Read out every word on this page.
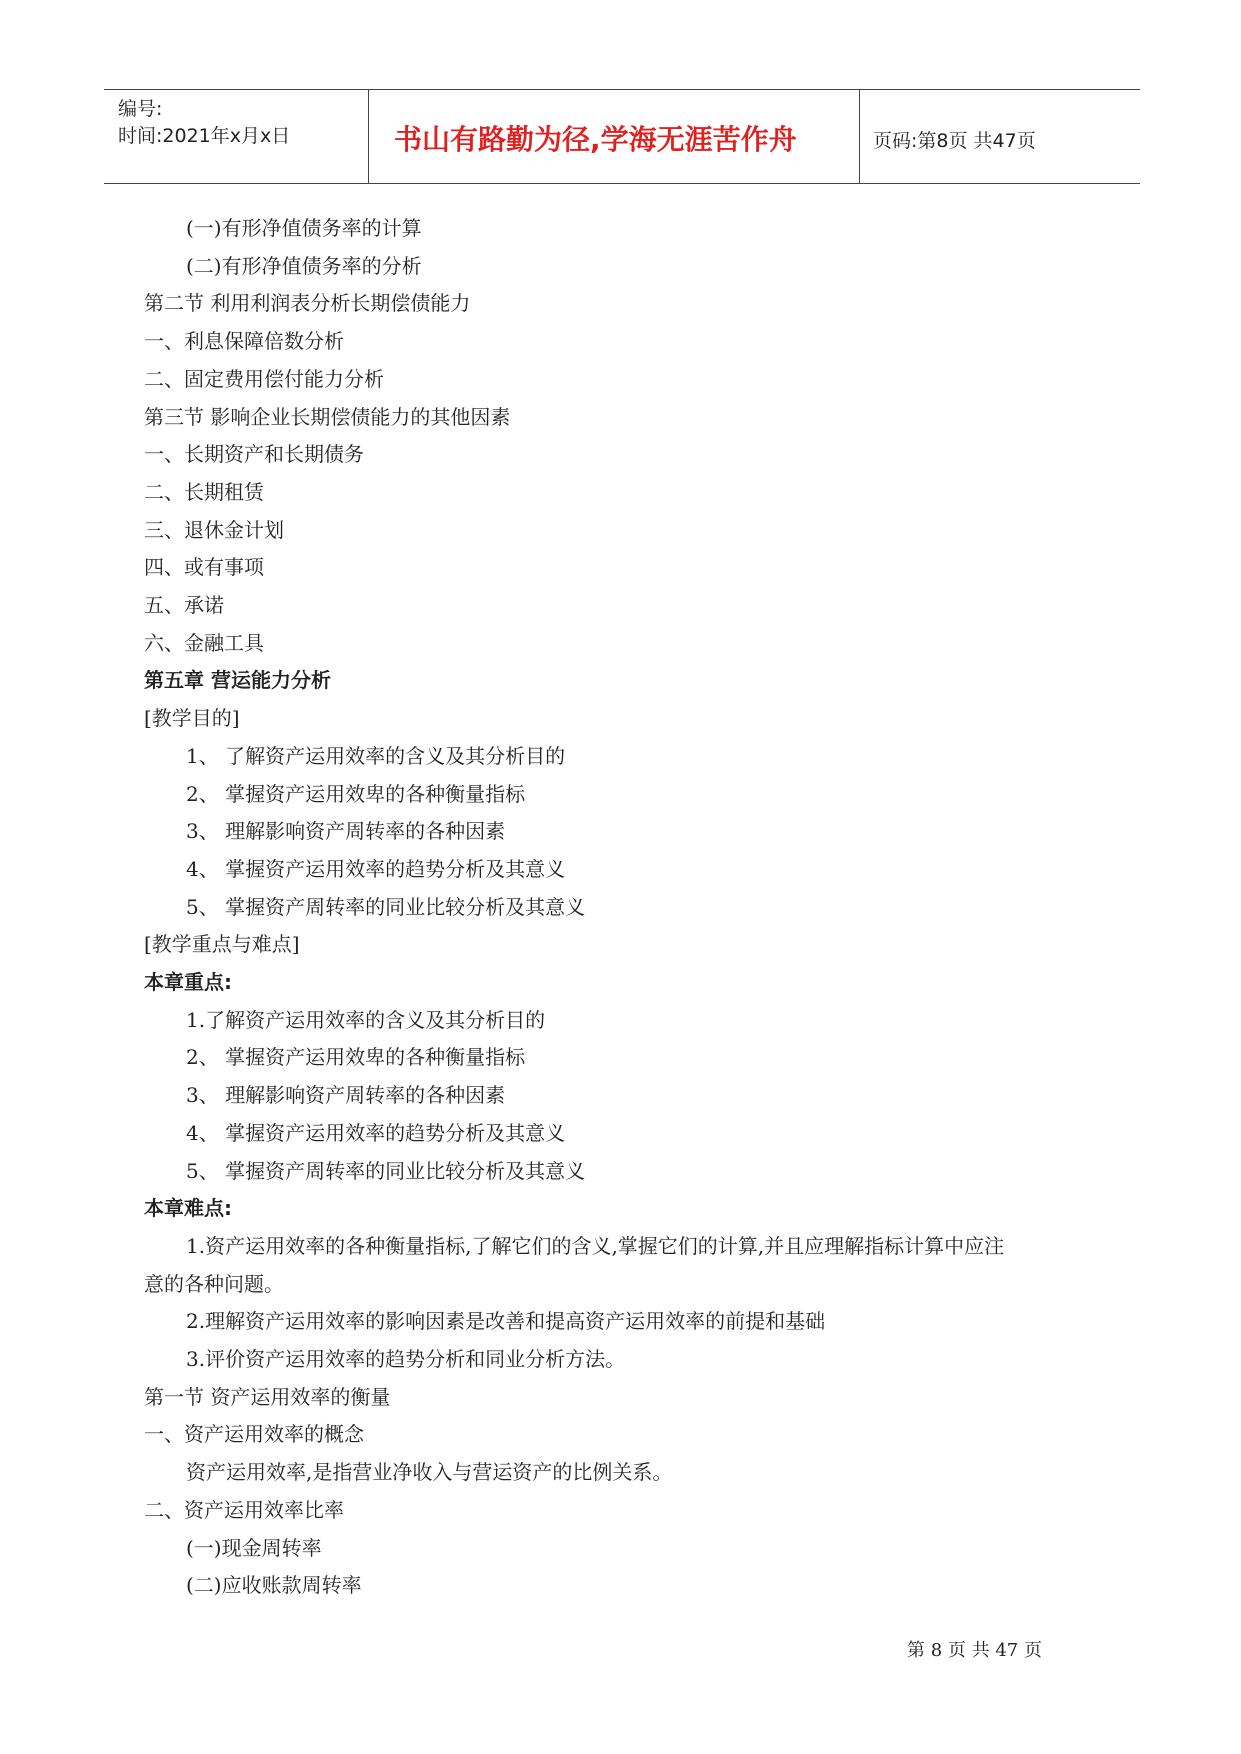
编号:
时间:2021年x月x日	书山有路勤为径,学海无涯苦作舟	页码:第8页 共47页
(一)有形净值债务率的计算
(二)有形净值债务率的分析
第二节 利用利润表分析长期偿债能力
一、利息保障倍数分析
二、固定费用偿付能力分析
第三节 影响企业长期偿债能力的其他因素
一、长期资产和长期债务
二、长期租赁
三、退休金计划
四、或有事项
五、承诺
六、金融工具
第五章 营运能力分析
[教学目的]
1、 了解资产运用效率的含义及其分析目的
2、 掌握资产运用效卑的各种衡量指标
3、 理解影响资产周转率的各种因素
4、 掌握资产运用效率的趋势分析及其意义
5、 掌握资产周转率的同业比较分析及其意义
[教学重点与难点]
本章重点:
1.了解资产运用效率的含义及其分析目的
2、 掌握资产运用效卑的各种衡量指标
3、 理解影响资产周转率的各种因素
4、 掌握资产运用效率的趋势分析及其意义
5、 掌握资产周转率的同业比较分析及其意义
本章难点:
1.资产运用效率的各种衡量指标,了解它们的含义,掌握它们的计算,并且应理解指标计算中应注
意的各种问题。
2.理解资产运用效率的影响因素是改善和提高资产运用效率的前提和基础
3.评价资产运用效率的趋势分析和同业分析方法。
第一节 资产运用效率的衡量
一、资产运用效率的概念
资产运用效率,是指营业净收入与营运资产的比例关系。
二、资产运用效率比率
(一)现金周转率
(二)应收账款周转率
第 8 页 共 47 页
